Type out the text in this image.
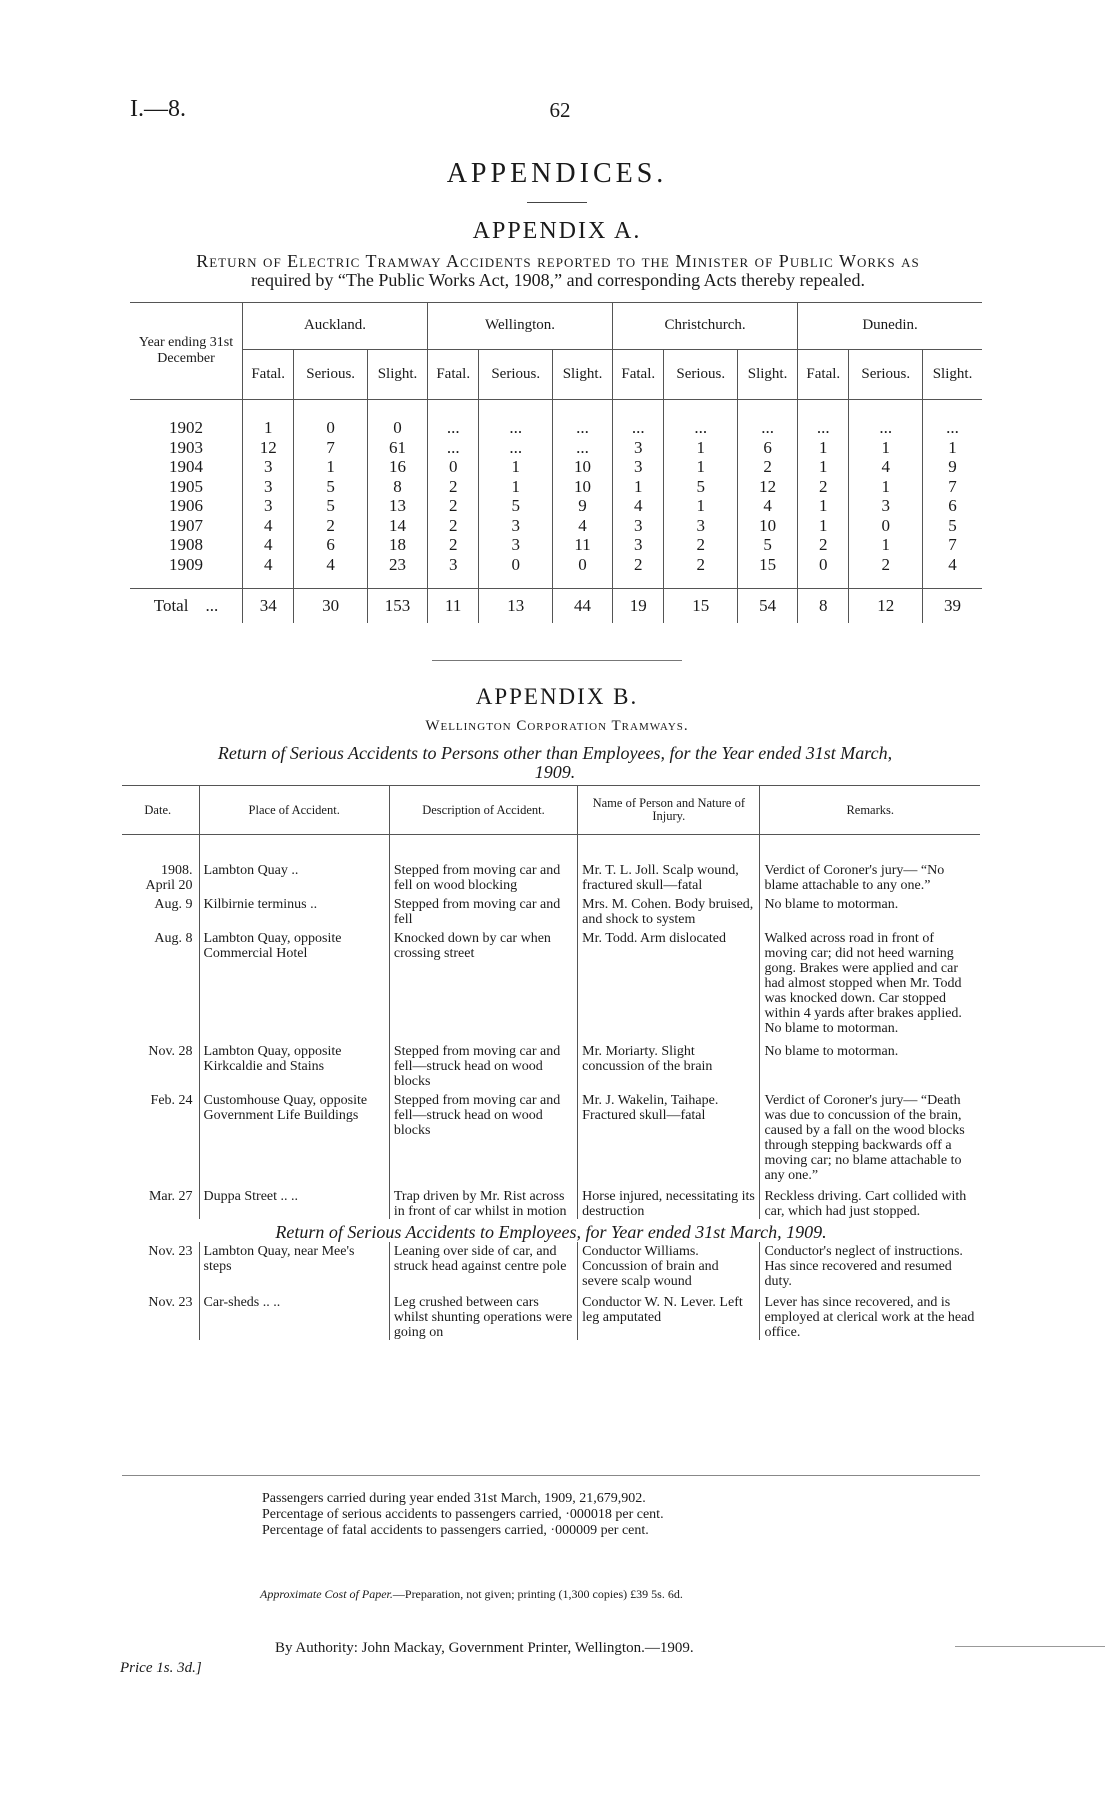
I.—8.	62
APPENDICES.
APPENDIX A.
Return of Electric Tramway Accidents reported to the Minister of Public Works as
required by “The Public Works Act, 1908,” and corresponding Acts thereby repealed.
Year ending 31st December	Auckland.			Wellington.			Christchurch.			Dunedin.		
	Fatal.	Serious.	Slight.	Fatal.	Serious.	Slight.	Fatal.	Serious.	Slight.	Fatal.	Serious.	Slight.

1902	1	0	0	...	...	...	...	...	...	...	...	...
1903	12	7	61	...	...	...	3	1	6	1	1	1
1904	3	1	16	0	1	10	3	1	2	1	4	9
1905	3	5	8	2	1	10	1	5	12	2	1	7
1906	3	5	13	2	5	9	4	1	4	1	3	6
1907	4	2	14	2	3	4	3	3	10	1	0	5
1908	4	6	18	2	3	11	3	2	5	2	1	7
1909	4	4	23	3	0	0	2	2	15	0	2	4

Total ...	34	30	153	11	13	44	19	15	54	8	12	39
APPENDIX B.
Wellington Corporation Tramways.
Return of Serious Accidents to Persons other than Employees, for the Year ended 31st March,
1909.
Date.	Place of Accident.	Description of Accident.	Name of Person and Nature of Injury.	Remarks.
1908.
April 20	Lambton Quay ..	Stepped from moving car and fell on wood blocking	Mr. T. L. Joll. Scalp wound, fractured skull—fatal	Verdict of Coroner's jury— “No blame attachable to any one.”
Aug. 9	Kilbirnie terminus ..	Stepped from moving car and fell	Mrs. M. Cohen. Body bruised, and shock to system	No blame to motorman.
Aug. 8	Lambton Quay, opposite Commercial Hotel	Knocked down by car when crossing street	Mr. Todd. Arm dislocated	Walked across road in front of moving car; did not heed warning gong. Brakes were applied and car had almost stopped when Mr. Todd was knocked down. Car stopped within 4 yards after brakes applied. No blame to motorman.
Nov. 28	Lambton Quay, opposite Kirkcaldie and Stains	Stepped from moving car and fell—struck head on wood blocks	Mr. Moriarty. Slight concussion of the brain	No blame to motorman.
Feb. 24	Customhouse Quay, opposite Government Life Buildings	Stepped from moving car and fell—struck head on wood blocks	Mr. J. Wakelin, Taihape. Fractured skull—fatal	Verdict of Coroner's jury— “Death was due to concussion of the brain, caused by a fall on the wood blocks through stepping backwards off a moving car; no blame attachable to any one.”
Mar. 27	Duppa Street .. ..	Trap driven by Mr. Rist across in front of car whilst in motion	Horse injured, necessitating its destruction	Reckless driving. Cart collided with car, which had just stopped.
Return of Serious Accidents to Employees, for Year ended 31st March, 1909.				
Nov. 23	Lambton Quay, near Mee's steps	Leaning over side of car, and struck head against centre pole	Conductor Williams. Concussion of brain and severe scalp wound	Conductor's neglect of instructions. Has since recovered and resumed duty.
Nov. 23	Car-sheds .. ..	Leg crushed between cars whilst shunting operations were going on	Conductor W. N. Lever. Left leg amputated	Lever has since recovered, and is employed at clerical work at the head office.
Passengers carried during year ended 31st March, 1909, 21,679,902.
Percentage of serious accidents to passengers carried, ·000018 per cent.
Percentage of fatal accidents to passengers carried, ·000009 per cent.
Approximate Cost of Paper.—Preparation, not given; printing (1,300 copies) £39 5s. 6d.
By Authority: John Mackay, Government Printer, Wellington.—1909.
Price 1s. 3d.]
